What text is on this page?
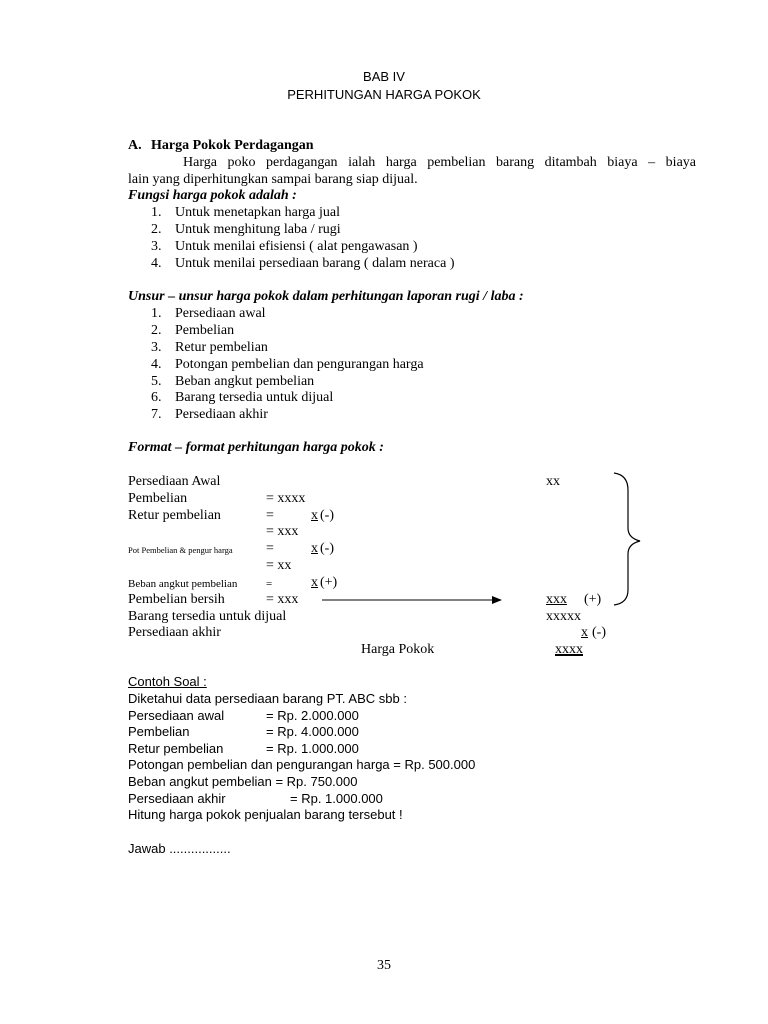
BAB IV
PERHITUNGAN HARGA POKOK
A. Harga Pokok Perdagangan
Harga poko perdagangan ialah harga pembelian barang ditambah biaya – biaya
lain yang diperhitungkan sampai barang siap dijual.
Fungsi harga pokok adalah :
1. Untuk menetapkan harga jual
2. Untuk menghitung laba / rugi
3. Untuk menilai efisiensi ( alat pengawasan )
4. Untuk menilai persediaan barang ( dalam neraca )
Unsur – unsur harga pokok dalam perhitungan laporan rugi / laba :
1. Persediaan awal
2. Pembelian
3. Retur pembelian
4. Potongan pembelian dan pengurangan harga
5. Beban angkut pembelian
6. Barang tersedia untuk dijual
7. Persediaan akhir
Format – format perhitungan harga pokok :
Persediaan Awal	xx
Pembelian	= xxxx
Retur pembelian	=	x (-)
= xxx
Pot Pembelian & pengur harga =	x (-)
= xx
Beban angkut pembelian	=	x (+)
Pembelian bersih	= xxx	xxx	(+)
Barang tersedia untuk dijual	xxxxx
Persediaan akhir	x (-)
Harga Pokok	xxxx
Contoh Soal :
Diketahui data persediaan barang PT. ABC sbb :
Persediaan awal	= Rp. 2.000.000
Pembelian	= Rp. 4.000.000
Retur pembelian	= Rp. 1.000.000
Potongan pembelian dan pengurangan harga = Rp. 500.000
Beban angkut pembelian = Rp. 750.000
Persediaan akhir	= Rp. 1.000.000
Hitung harga pokok penjualan barang tersebut !
Jawab .................
35
